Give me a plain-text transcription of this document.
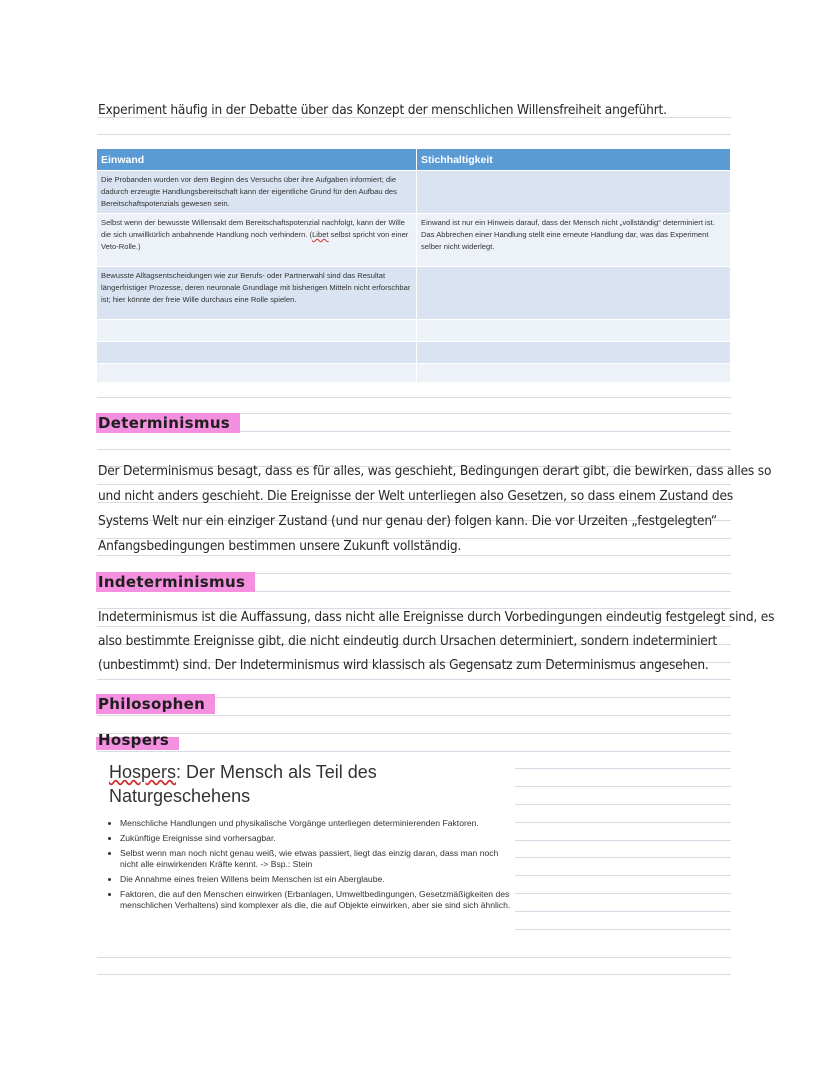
Experiment häufig in der Debatte über das Konzept der menschlichen Willensfreiheit angeführt.
Einwand	Stichhaltigkeit
Die Probanden wurden vor dem Beginn des Versuchs über ihre Aufgaben informiert; die dadurch erzeugte Handlungsbereitschaft kann der eigentliche Grund für den Aufbau des Bereitschaftspotenzials gewesen sein.	
Selbst wenn der bewusste Willensakt dem Bereitschaftspotenzial nachfolgt, kann der Wille die sich unwillkürlich anbahnende Handlung noch verhindern. (Libet selbst spricht von einer Veto-Rolle.)	Einwand ist nur ein Hinweis darauf, dass der Mensch nicht „vollständig“ determiniert ist.
Das Abbrechen einer Handlung stellt eine erneute Handlung dar, was das Experiment selber nicht widerlegt.

Bewusste Alltagsentscheidungen wie zur Berufs- oder Partnerwahl sind das Resultat längerfristiger Prozesse, deren neuronale Grundlage mit bisherigen Mitteln nicht erforschbar ist; hier könnte der freie Wille durchaus eine Rolle spielen.	

Determinismus
Der Determinismus besagt, dass es für alles, was geschieht, Bedingungen derart gibt, die bewirken, dass alles so
und nicht anders geschieht. Die Ereignisse der Welt unterliegen also Gesetzen, so dass einem Zustand des
Systems Welt nur ein einziger Zustand (und nur genau der) folgen kann. Die vor Urzeiten „festgelegten“
Anfangsbedingungen bestimmen unsere Zukunft vollständig.
Indeterminismus
Indeterminismus ist die Auffassung, dass nicht alle Ereignisse durch Vorbedingungen eindeutig festgelegt sind, es
also bestimmte Ereignisse gibt, die nicht eindeutig durch Ursachen determiniert, sondern indeterminiert
(unbestimmt) sind. Der Indeterminismus wird klassisch als Gegensatz zum Determinismus angesehen.
Philosophen
Hospers
Hospers: Der Mensch als Teil des
Naturgeschehens
• Menschliche Handlungen und physikalische Vorgänge unterliegen determinierenden Faktoren.
• Zukünftige Ereignisse sind vorhersagbar.
• Selbst wenn man noch nicht genau weiß, wie etwas passiert, liegt das einzig daran, dass man noch nicht alle einwirkenden Kräfte kennt. -> Bsp.: Stein
• Die Annahme eines freien Willens beim Menschen ist ein Aberglaube.
• Faktoren, die auf den Menschen einwirken (Erbanlagen, Umweltbedingungen, Gesetzmäßigkeiten des menschlichen Verhaltens) sind komplexer als die, die auf Objekte einwirken, aber sie sind sich ähnlich.
